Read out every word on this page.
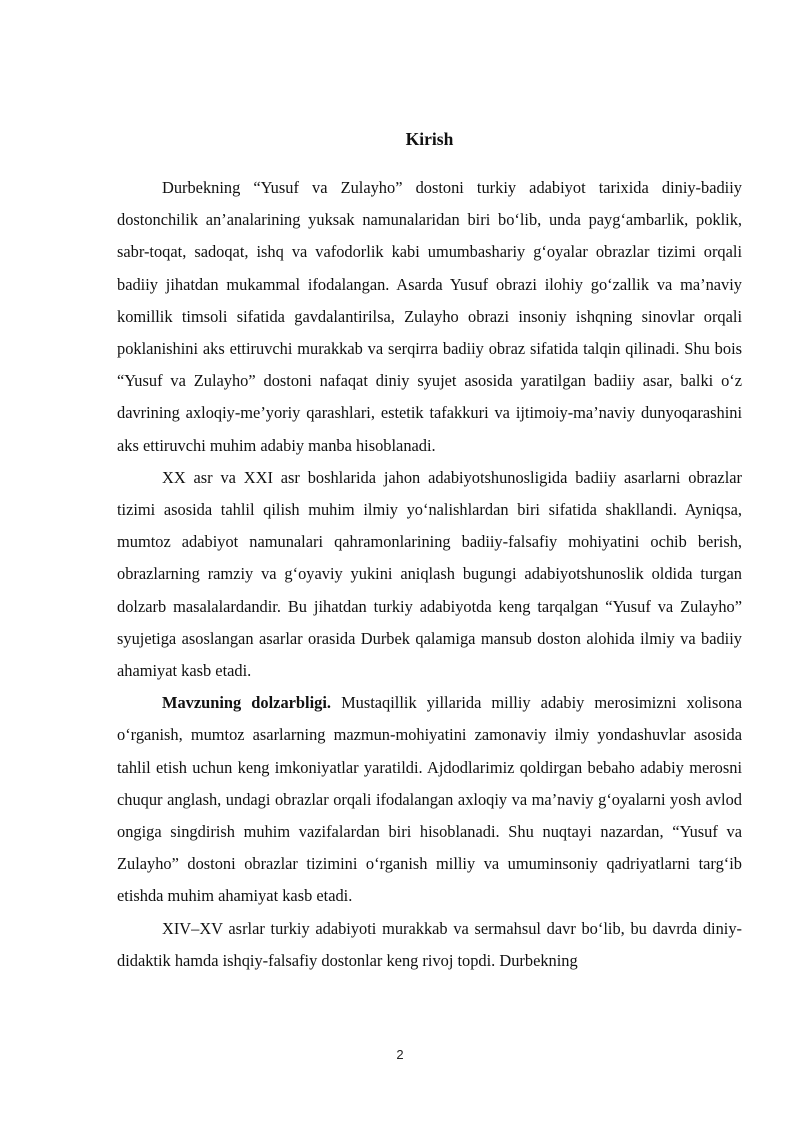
Kirish

Durbekning “Yusuf va Zulayho” dostoni turkiy adabiyot tarixida diniy-badiiy dostonchilik an’analarining yuksak namunalaridan biri bo‘lib, unda payg‘ambarlik, poklik, sabr-toqat, sadoqat, ishq va vafodorlik kabi umumbashariy g‘oyalar obrazlar tizimi orqali badiiy jihatdan mukammal ifodalangan. Asarda Yusuf obrazi ilohiy go‘zallik va ma’naviy komillik timsoli sifatida gavdalantirilsa, Zulayho obrazi insoniy ishqning sinovlar orqali poklanishini aks ettiruvchi murakkab va serqirra badiiy obraz sifatida talqin qilinadi. Shu bois “Yusuf va Zulayho” dostoni nafaqat diniy syujet asosida yaratilgan badiiy asar, balki o‘z davrining axloqiy-me’yoriy qarashlari, estetik tafakkuri va ijtimoiy-ma’naviy dunyoqarashini aks ettiruvchi muhim adabiy manba hisoblanadi.

XX asr va XXI asr boshlarida jahon adabiyotshunosligida badiiy asarlarni obrazlar tizimi asosida tahlil qilish muhim ilmiy yo‘nalishlardan biri sifatida shakllandi. Ayniqsa, mumtoz adabiyot namunalari qahramonlarining badiiy-falsafiy mohiyatini ochib berish, obrazlarning ramziy va g‘oyaviy yukini aniqlash bugungi adabiyotshunoslik oldida turgan dolzarb masalalardandir. Bu jihatdan turkiy adabiyotda keng tarqalgan “Yusuf va Zulayho” syujetiga asoslangan asarlar orasida Durbek qalamiga mansub doston alohida ilmiy va badiiy ahamiyat kasb etadi.

Mavzuning dolzarbligi. Mustaqillik yillarida milliy adabiy merosimizni xolisona o‘rganish, mumtoz asarlarning mazmun-mohiyatini zamonaviy ilmiy yondashuvlar asosida tahlil etish uchun keng imkoniyatlar yaratildi. Ajdodlarimiz qoldirgan bebaho adabiy merosni chuqur anglash, undagi obrazlar orqali ifodalangan axloqiy va ma’naviy g‘oyalarni yosh avlod ongiga singdirish muhim vazifalardan biri hisoblanadi. Shu nuqtayi nazardan, “Yusuf va Zulayho” dostoni obrazlar tizimini o‘rganish milliy va umuminsoniy qadriyatlarni targ‘ib etishda muhim ahamiyat kasb etadi.

XIV–XV asrlar turkiy adabiyoti murakkab va sermahsul davr bo‘lib, bu davrda diniy-didaktik hamda ishqiy-falsafiy dostonlar keng rivoj topdi. Durbekning

2
